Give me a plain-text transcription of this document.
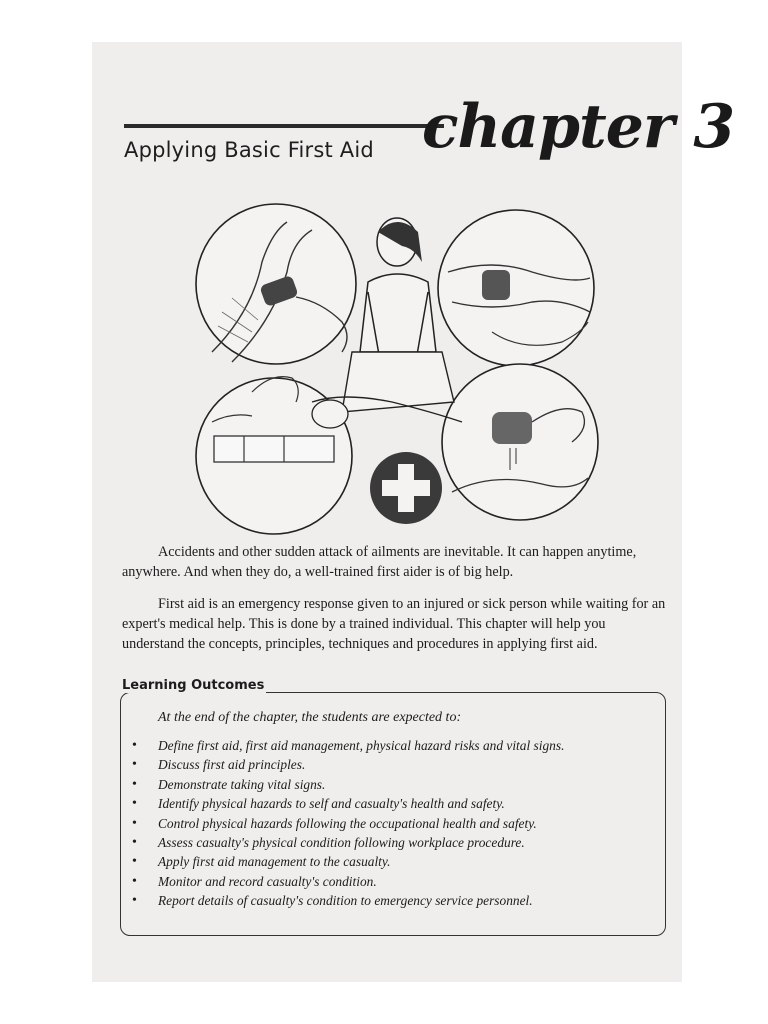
Applying Basic First Aid chapter 3

Accidents and other sudden attack of ailments are inevitable. It can happen anytime, anywhere. And when they do, a well-trained first aider is of big help.

First aid is an emergency response given to an injured or sick person while waiting for an expert's medical help. This is done by a trained individual. This chapter will help you understand the concepts, principles, techniques and procedures in applying first aid.

Learning Outcomes
At the end of the chapter, the students are expected to:
• Define first aid, first aid management, physical hazard risks and vital signs.
• Discuss first aid principles.
• Demonstrate taking vital signs.
• Identify physical hazards to self and casualty's health and safety.
• Control physical hazards following the occupational health and safety.
• Assess casualty's physical condition following workplace procedure.
• Apply first aid management to the casualty.
• Monitor and record casualty's condition.
• Report details of casualty's condition to emergency service personnel.
